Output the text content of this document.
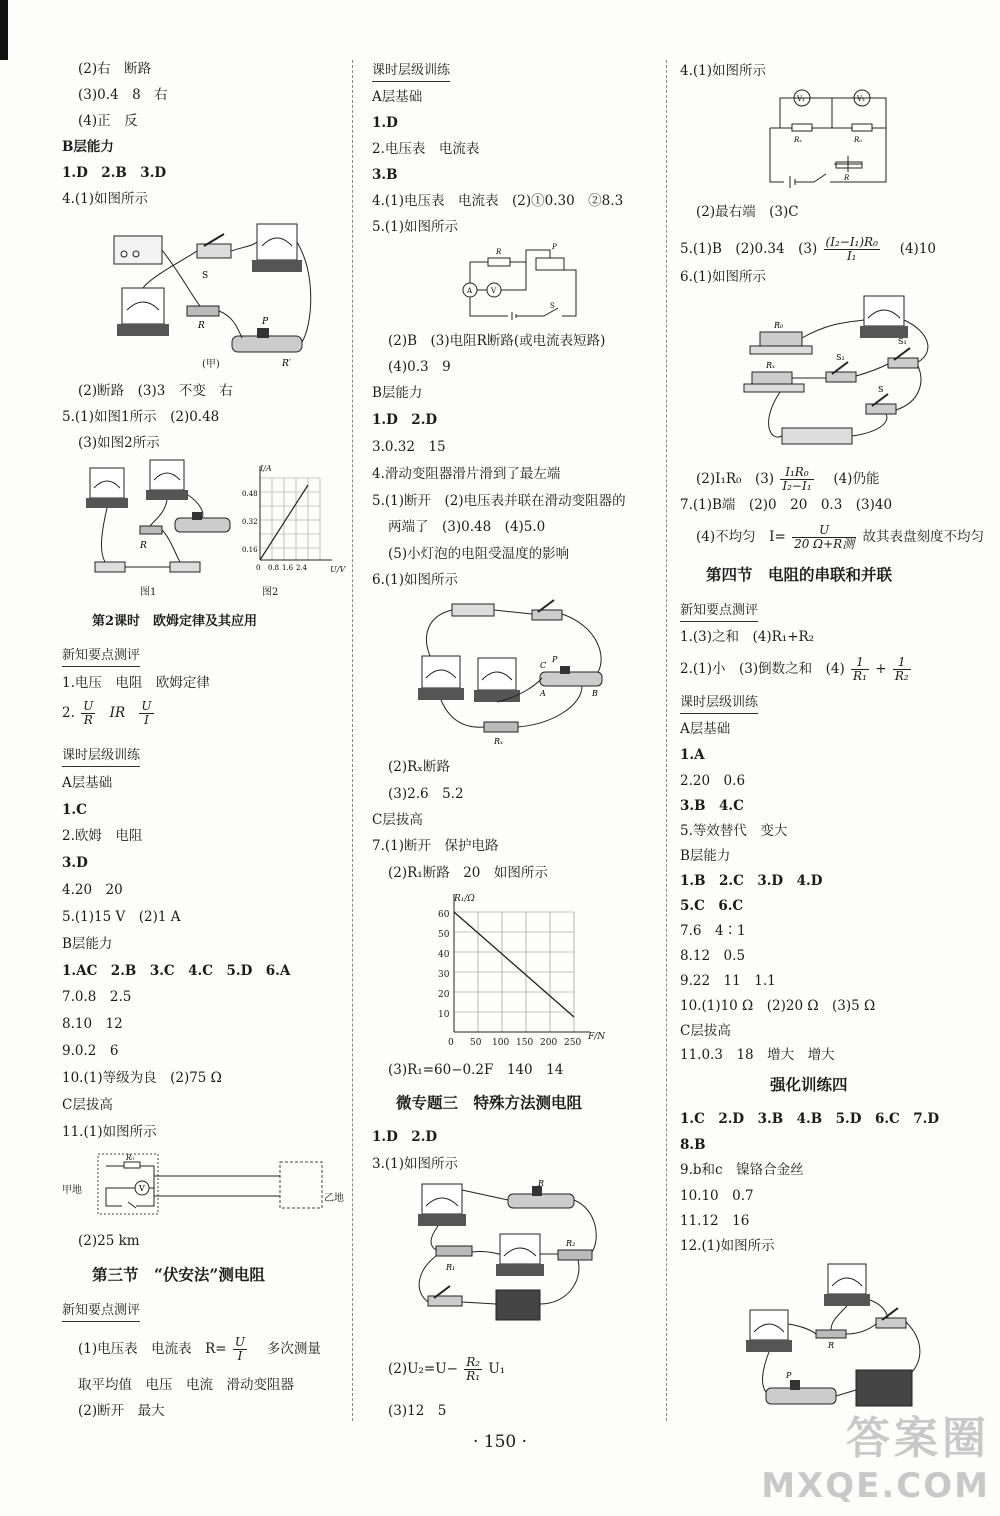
(2)右　断路
(3)0.4　8　右
(4)正　反
B层能力
1.D　2.B　3.D
4.(1)如图所示
S
R	P
R′
(甲)
(2)断路　(3)3　不变　右
5.(1)如图1所示　(2)0.48
(3)如图2所示
R
0.48
0.32
0.16
0 0.8 1.6 2.4
I/A
U/V
图1	图2
第2课时　欧姆定律及其应用
新知要点测评
1.电压　电阻　欧姆定律
2. $\frac{U}{R}$ IR $\frac{U}{I}$
课时层级训练
A层基础
1.C
2.欧姆　电阻
3.D
4.20　20
5.(1)15 V　(2)1 A
B层能力
1.AC　2.B　3.C　4.C　5.D　6.A
7.0.8　2.5
8.10　12
9.0.2　6
10.(1)等级为良　(2)75 Ω
C层拔高
11.(1)如图所示
V
R₀
甲地
乙地
(2)25 km
第三节　“伏安法”测电阻
新知要点测评
(1)电压表　电流表　$R= \frac{U}{I}$ 　多次测量
取平均值　电压　电流　滑动变阻器
(2)断开　最大
课时层级训练
A层基础
1.D
2.电压表　电流表
3.B
4.(1)电压表　电流表　(2)①0.30　②8.3
5.(1)如图所示
A	V
R
P
S
(2)B　(3)电阻R断路(或电流表短路)
(4)0.3　9
B层能力
1.D　2.D
3.0.32　15
4.滑动变阻器滑片滑到了最左端
5.(1)断开　(2)电压表并联在滑动变阻器的
两端了　(3)0.48　(4)5.0
(5)小灯泡的电阻受温度的影响
6.(1)如图所示
C
P
A	B
Rₓ
(2)Rₓ断路
(3)2.6　5.2
C层拔高
7.(1)断开　保护电路
(2)R₁断路　20　如图所示
R₁/Ω
60
50
40
30
20
10
0 50 100 150 200 250
F/N
(3)R₁=60−0.2F　140　14
微专题三　特殊方法测电阻
1.D　2.D
3.(1)如图所示
R₁
R₂
R
$(2)U_2=U- \frac{\text{R₂}}{\text{R₁}} U_1$
(3)12　5
4.(1)如图所示
V₁	V₂
Rₓ	R₀
R
(2)最右端　(3)C
5.(1)B　(2)0.34　$(3) \frac{\text{(I₂−I₁)R₀}}{\text{I₁}}$ 　(4)10
6.(1)如图所示
R₀
Rₓ
S₂
S₁
S
(2)I₁R₀　$(3) \frac{\text{I₁R₀}}{\text{I₂−I₁}}$ 　(4)仍能
7.(1)B端　(2)0　20　0.3　(3)40
(4)不均匀　$I= \frac{U}{\text{20 Ω+R测}}$ 故其表盘刻度不均匀
第四节　电阻的串联和并联
新知要点测评
1.(3)之和　(4)R₁+R₂
2.(1)小　(3)倒数之和　$(4) \frac{1}{\text{R₁}} + \frac{1}{\text{R₂}}$
课时层级训练
A层基础
1.A
2.20　0.6
3.B　4.C
5.等效替代　变大
B层能力
1.B　2.C　3.D　4.D
5.C　6.C
7.6　4∶1
8.12　0.5
9.22　11　1.1
10.(1)10 Ω　(2)20 Ω　(3)5 Ω
C层拔高
11.0.3　18　增大　增大
强化训练四
1.C　2.D　3.B　4.B　5.D　6.C　7.D
8.B
9.b和c　镍铬合金丝
10.10　0.7
11.12　16
12.(1)如图所示
R
P
· 150 ·	答案圈
MXQE.COM
